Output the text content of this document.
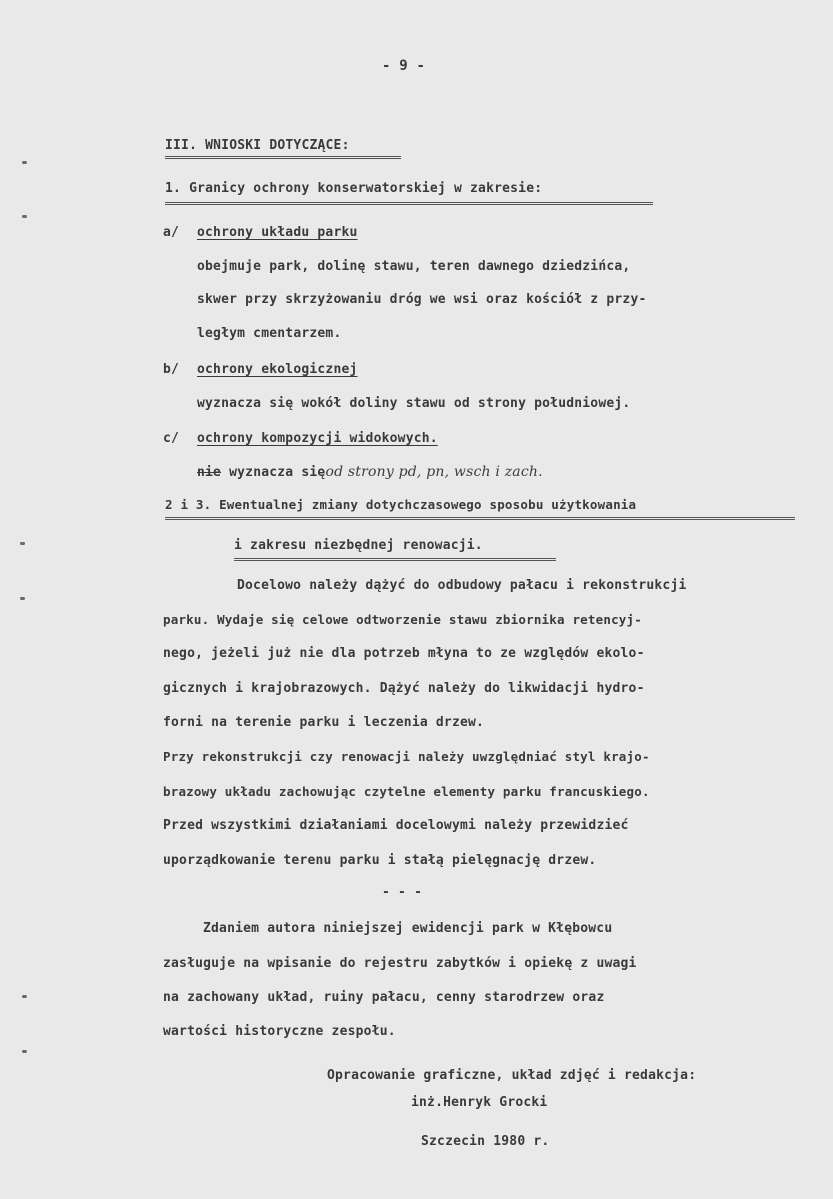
- 9 -

III. WNIOSKI DOTYCZĄCE:

1. Granicy ochrony konserwatorskiej w zakresie:

a/ ochrony układu parku

obejmuje park, dolinę stawu, teren dawnego dziedzińca,

skwer przy skrzyżowaniu dróg we wsi oraz kościół z przy-

ległym cmentarzem.

b/ ochrony ekologicznej

wyznacza się wokół doliny stawu od strony południowej.

c/ ochrony kompozycji widokowych.

nie wyznacza sięod strony pd, pn, wsch i zach.

2 i 3. Ewentualnej zmiany dotychczasowego sposobu użytkowania

i zakresu niezbędnej renowacji.

Docelowo należy dążyć do odbudowy pałacu i rekonstrukcji

parku. Wydaje się celowe odtworzenie stawu zbiornika retencyj-

nego, jeżeli już nie dla potrzeb młyna to ze względów ekolo-

gicznych i krajobrazowych. Dążyć należy do likwidacji hydro-

forni na terenie parku i leczenia drzew.

Przy rekonstrukcji czy renowacji należy uwzględniać styl krajo-

brazowy układu zachowując czytelne elementy parku francuskiego.

Przed wszystkimi działaniami docelowymi należy przewidzieć

uporządkowanie terenu parku i stałą pielęgnację drzew.

- - -

Zdaniem autora niniejszej ewidencji park w Kłębowcu

zasługuje na wpisanie do rejestru zabytków i opiekę z uwagi

na zachowany układ, ruiny pałacu, cenny starodrzew oraz

wartości historyczne zespołu.

Opracowanie graficzne, układ zdjęć i redakcja:

inż.Henryk Grocki

Szczecin 1980 r.
